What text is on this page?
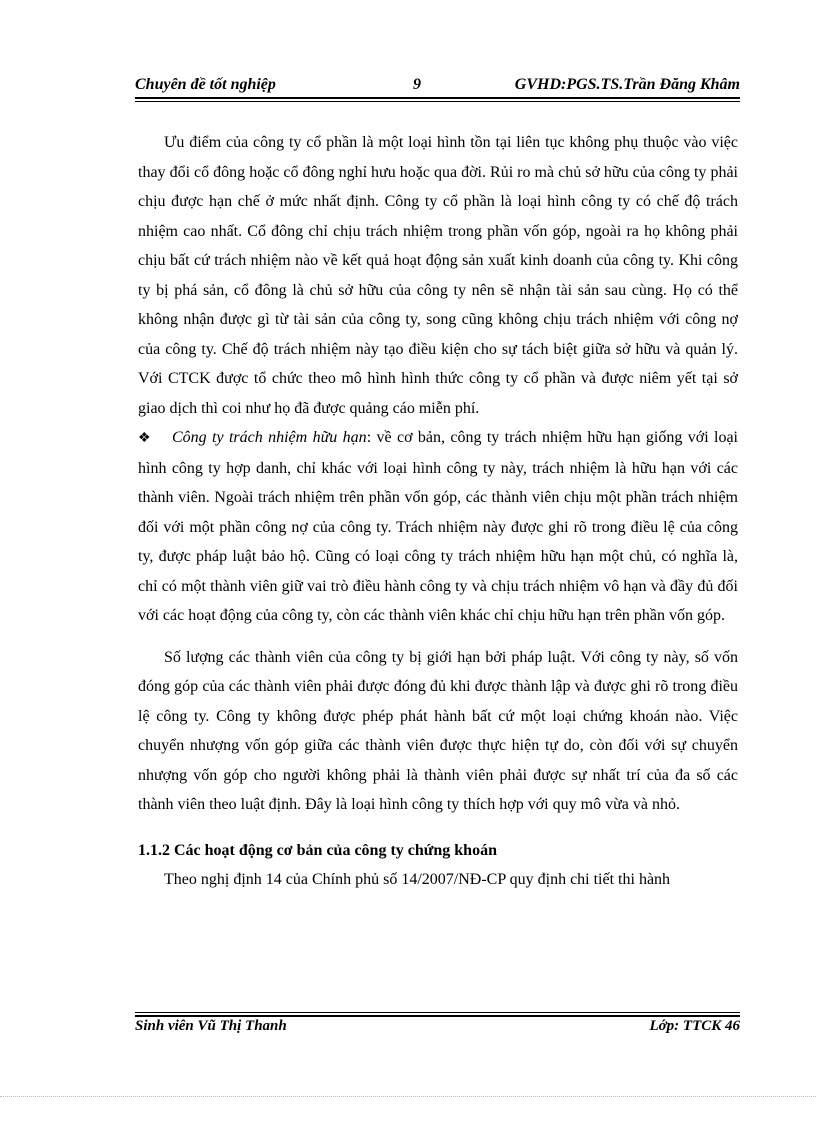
Chuyên đề tốt nghiệp	9	GVHD:PGS.TS.Trần Đăng Khâm

Ưu điểm của công ty cổ phần là một loại hình tồn tại liên tục không phụ thuộc vào việc thay đổi cổ đông hoặc cổ đông nghỉ hưu hoặc qua đời. Rủi ro mà chủ sở hữu của công ty phải chịu được hạn chế ở mức nhất định. Công ty cổ phần là loại hình công ty có chế độ trách nhiệm cao nhất. Cổ đông chỉ chịu trách nhiệm trong phần vốn góp, ngoài ra họ không phải chịu bất cứ trách nhiệm nào về kết quả hoạt động sản xuất kinh doanh của công ty. Khi công ty bị phá sản, cổ đông là chủ sở hữu của công ty nên sẽ nhận tài sản sau cùng. Họ có thể không nhận được gì từ tài sản của công ty, song cũng không chịu trách nhiệm với công nợ của công ty. Chế độ trách nhiệm này tạo điều kiện cho sự tách biệt giữa sở hữu và quản lý. Với CTCK được tổ chức theo mô hình hình thức công ty cổ phần và được niêm yết tại sở giao dịch thì coi như họ đã được quảng cáo miễn phí.

❖ Công ty trách nhiệm hữu hạn: về cơ bản, công ty trách nhiệm hữu hạn giống với loại hình công ty hợp danh, chỉ khác với loại hình công ty này, trách nhiệm là hữu hạn với các thành viên. Ngoài trách nhiệm trên phần vốn góp, các thành viên chịu một phần trách nhiệm đối với một phần công nợ của công ty. Trách nhiệm này được ghi rõ trong điều lệ của công ty, được pháp luật bảo hộ. Cũng có loại công ty trách nhiệm hữu hạn một chủ, có nghĩa là, chỉ có một thành viên giữ vai trò điều hành công ty và chịu trách nhiệm vô hạn và đầy đủ đối với các hoạt động của công ty, còn các thành viên khác chỉ chịu hữu hạn trên phần vốn góp.

Số lượng các thành viên của công ty bị giới hạn bởi pháp luật. Với công ty này, số vốn đóng góp của các thành viên phải được đóng đủ khi được thành lập và được ghi rõ trong điều lệ công ty. Công ty không được phép phát hành bất cứ một loại chứng khoán nào. Việc chuyển nhượng vốn góp giữa các thành viên được thực hiện tự do, còn đối với sự chuyển nhượng vốn góp cho người không phải là thành viên phải được sự nhất trí của đa số các thành viên theo luật định. Đây là loại hình công ty thích hợp với quy mô vừa và nhỏ.

1.1.2 Các hoạt động cơ bản của công ty chứng khoán

Theo nghị định 14 của Chính phủ số 14/2007/NĐ-CP quy định chi tiết thi hành

Sinh viên Vũ Thị Thanh	Lớp: TTCK 46
